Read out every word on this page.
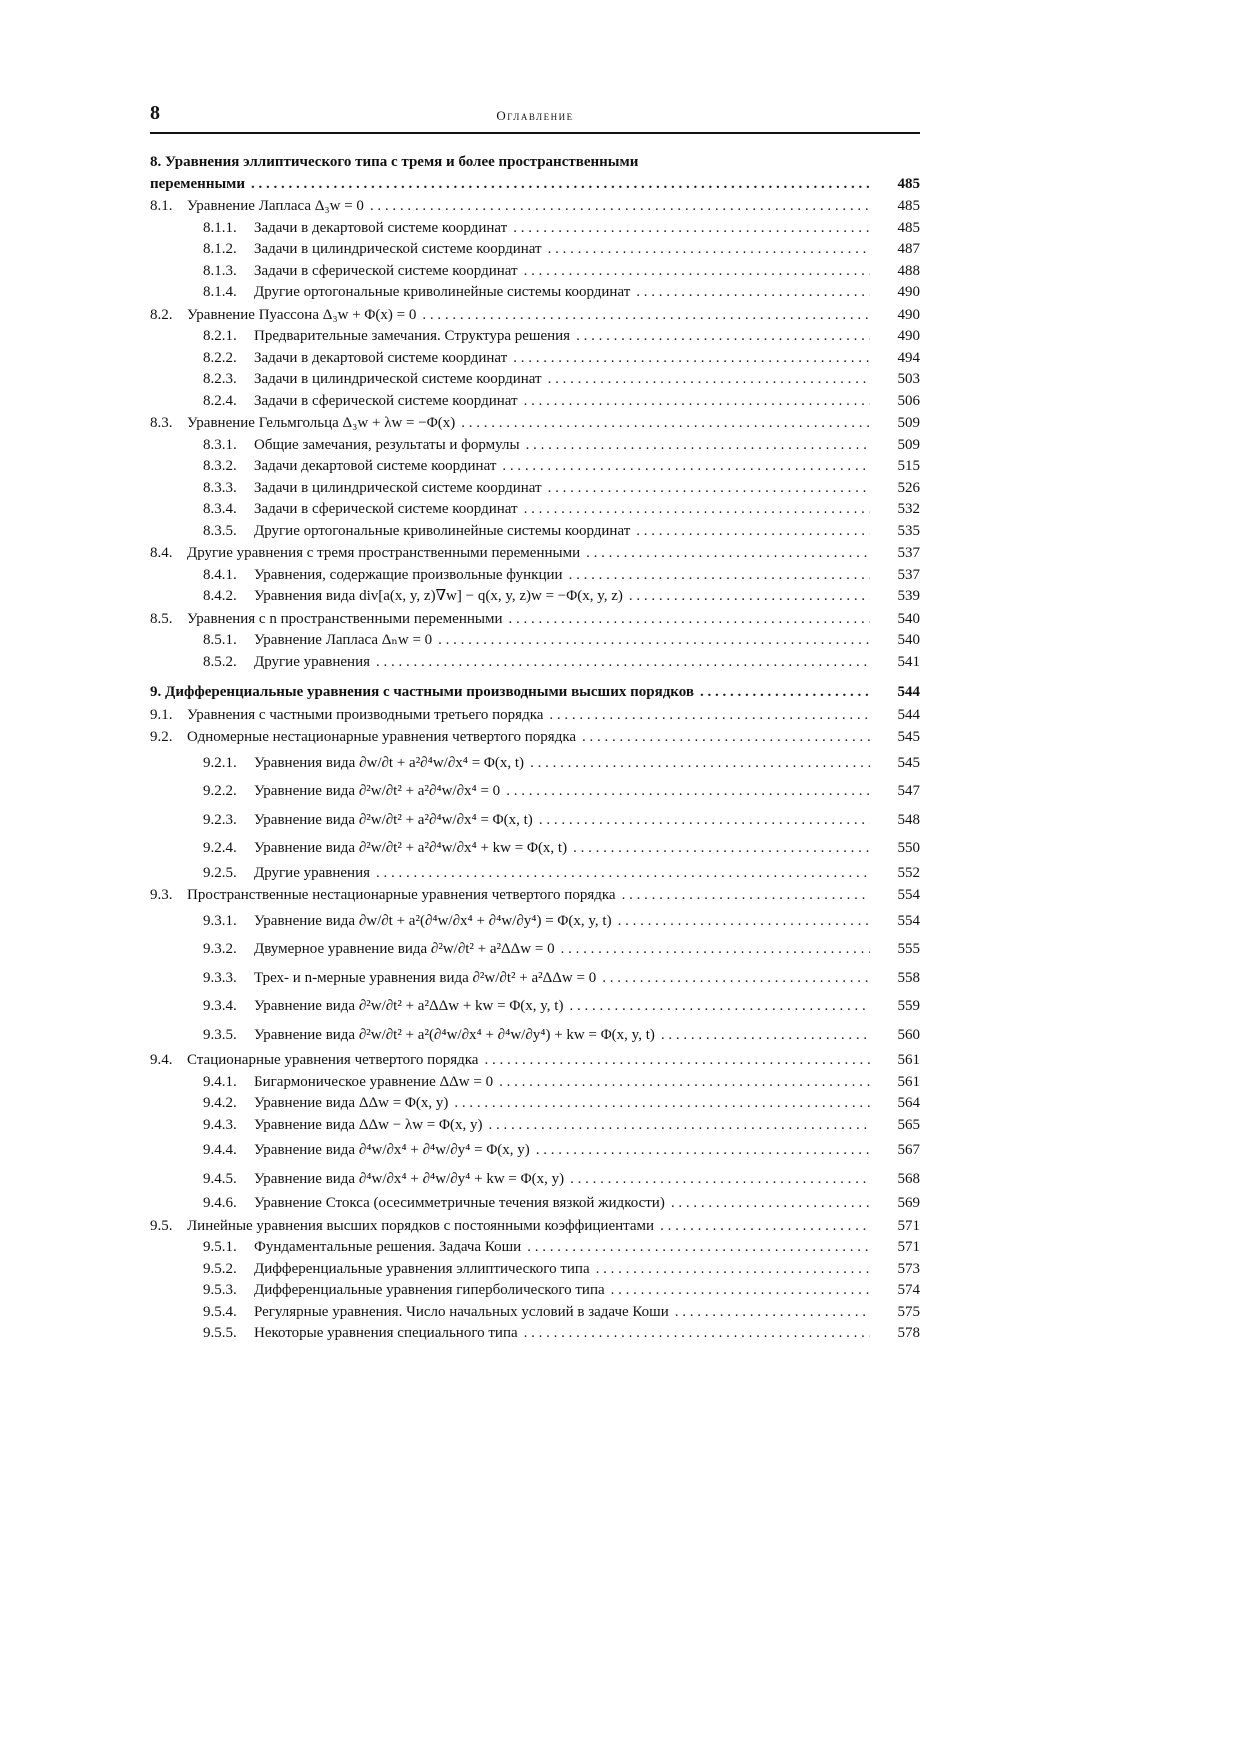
8	Оглавление
8. Уравнения эллиптического типа с тремя и более пространственными
переменными . . .	485
8.1. Уравнение Лапласа Δ₃w = 0 . . .	485
8.1.1.	Задачи в декартовой системе координат . . .	485
8.1.2.	Задачи в цилиндрической системе координат . . .	487
8.1.3.	Задачи в сферической системе координат . . .	488
8.1.4.	Другие ортогональные криволинейные системы координат . . .	490
8.2. Уравнение Пуассона Δ₃w + Φ(x) = 0 . . .	490
8.2.1.	Предварительные замечания. Структура решения . . .	490
8.2.2.	Задачи в декартовой системе координат . . .	494
8.2.3.	Задачи в цилиндрической системе координат . . .	503
8.2.4.	Задачи в сферической системе координат . . .	506
8.3. Уравнение Гельмгольца Δ₃w + λw = −Φ(x) . . .	509
8.3.1.	Общие замечания, результаты и формулы . . .	509
8.3.2.	Задачи декартовой системе координат . . .	515
8.3.3.	Задачи в цилиндрической системе координат . . .	526
8.3.4.	Задачи в сферической системе координат . . .	532
8.3.5.	Другие ортогональные криволинейные системы координат . . .	535
8.4. Другие уравнения с тремя пространственными переменными . . .	537
8.4.1.	Уравнения, содержащие произвольные функции . . .	537
8.4.2.	Уравнения вида div[a(x, y, z)∇w] − q(x, y, z)w = −Φ(x, y, z) . . .	539
8.5. Уравнения с n пространственными переменными . . .	540
8.5.1.	Уравнение Лапласа Δₙw = 0 . . .	540
8.5.2.	Другие уравнения . . .	541
9. Дифференциальные уравнения с частными производными высших порядков . . .	544
9.1. Уравнения с частными производными третьего порядка . . .	544
9.2. Одномерные нестационарные уравнения четвертого порядка . . .	545
9.2.1.	Уравнения вида ∂w/∂t + a²∂⁴w/∂x⁴ = Φ(x, t) . . .	545
9.2.2.	Уравнение вида ∂²w/∂t² + a²∂⁴w/∂x⁴ = 0 . . .	547
9.2.3.	Уравнение вида ∂²w/∂t² + a²∂⁴w/∂x⁴ = Φ(x, t) . . .	548
9.2.4.	Уравнение вида ∂²w/∂t² + a²∂⁴w/∂x⁴ + kw = Φ(x, t) . . .	550
9.2.5.	Другие уравнения . . .	552
9.3. Пространственные нестационарные уравнения четвертого порядка . . .	554
9.3.1.	Уравнение вида ∂w/∂t + a²(∂⁴w/∂x⁴ + ∂⁴w/∂y⁴) = Φ(x, y, t) . . .	554
9.3.2.	Двумерное уравнение вида ∂²w/∂t² + a²ΔΔw = 0 . . .	555
9.3.3.	Трех- и n-мерные уравнения вида ∂²w/∂t² + a²ΔΔw = 0 . . .	558
9.3.4.	Уравнение вида ∂²w/∂t² + a²ΔΔw + kw = Φ(x, y, t) . . .	559
9.3.5.	Уравнение вида ∂²w/∂t² + a²(∂⁴w/∂x⁴ + ∂⁴w/∂y⁴) + kw = Φ(x, y, t) . . .	560
9.4. Стационарные уравнения четвертого порядка . . .	561
9.4.1.	Бигармоническое уравнение ΔΔw = 0 . . .	561
9.4.2.	Уравнение вида ΔΔw = Φ(x, y) . . .	564
9.4.3.	Уравнение вида ΔΔw − λw = Φ(x, y) . . .	565
9.4.4.	Уравнение вида ∂⁴w/∂x⁴ + ∂⁴w/∂y⁴ = Φ(x, y) . . .	567
9.4.5.	Уравнение вида ∂⁴w/∂x⁴ + ∂⁴w/∂y⁴ + kw = Φ(x, y) . . .	568
9.4.6.	Уравнение Стокса (осесимметричные течения вязкой жидкости) . . .	569
9.5. Линейные уравнения высших порядков с постоянными коэффициентами . . .	571
9.5.1.	Фундаментальные решения. Задача Коши . . .	571
9.5.2.	Дифференциальные уравнения эллиптического типа . . .	573
9.5.3.	Дифференциальные уравнения гиперболического типа . . .	574
9.5.4.	Регулярные уравнения. Число начальных условий в задаче Коши . . .	575
9.5.5.	Некоторые уравнения специального типа . . .	578
